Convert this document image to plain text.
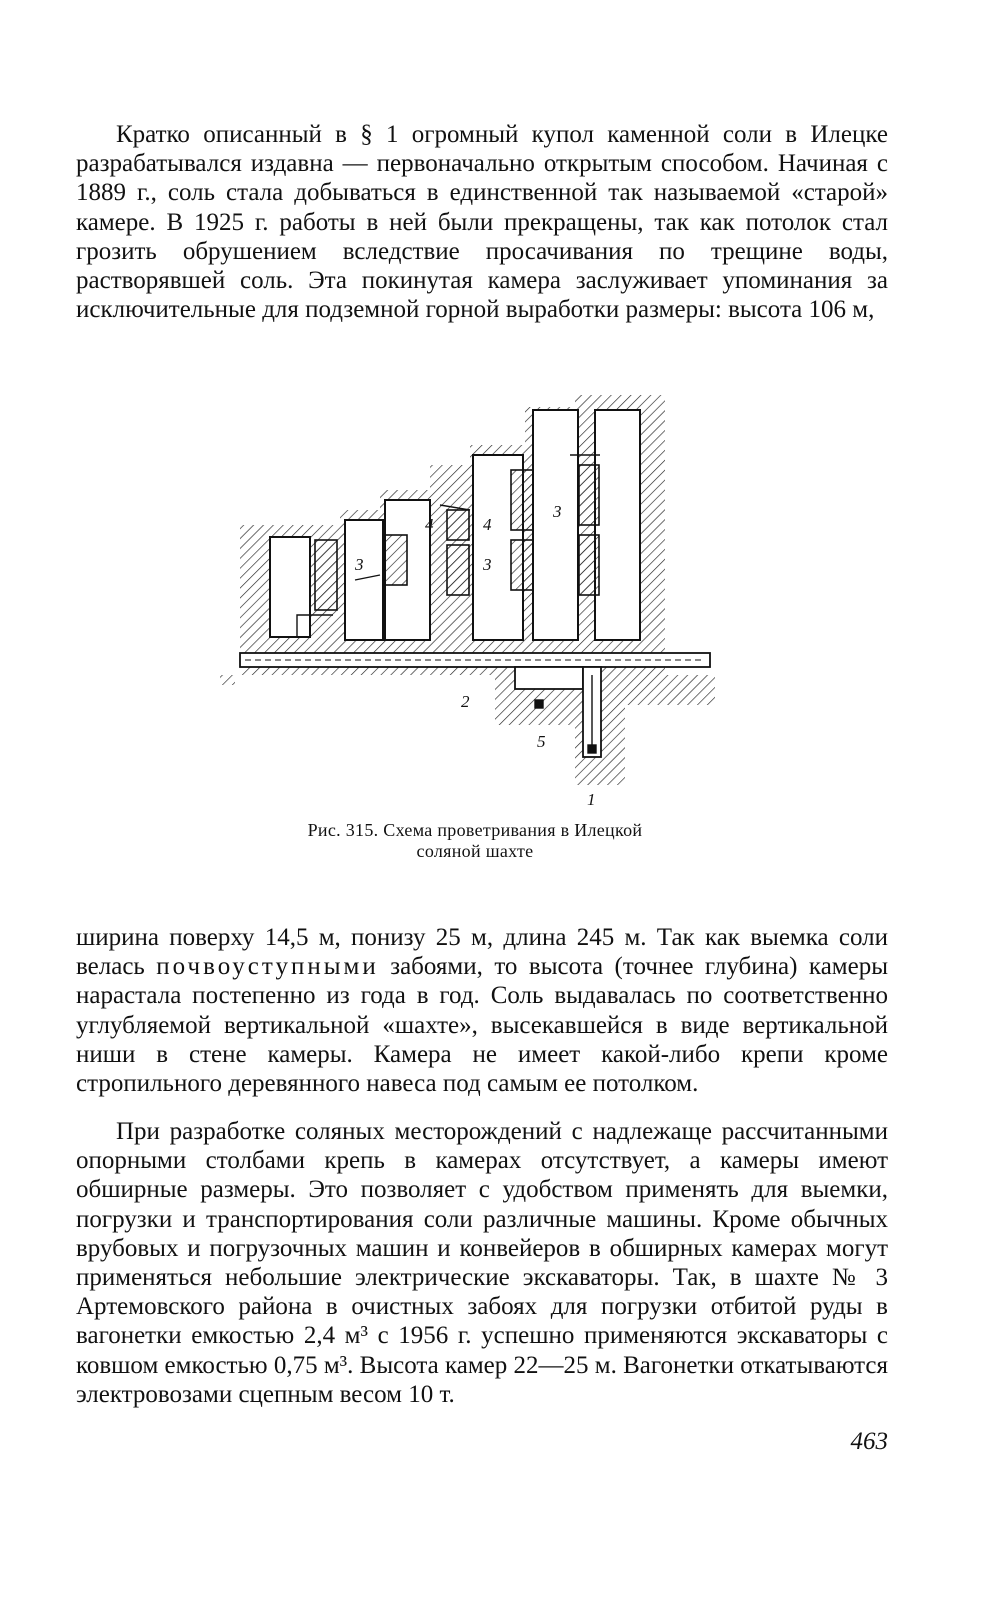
Кратко описанный в § 1 огромный купол каменной соли в Илецке разрабатывался издавна — первоначально открытым способом. Начиная с 1889 г., соль стала добываться в единственной так называемой «старой» камере. В 1925 г. работы в ней были прекращены, так как потолок стал грозить обрушением вследствие просачивания по трещине воды, растворявшей соль. Эта покинутая камера заслуживает упоминания за исключительные для подземной горной выработки размеры: высота 106 м,

3
4	4
3
3
2
5
1
Рис. 315. Схема проветривания в Илецкой
соляной шахте

ширина поверху 14,5 м, понизу 25 м, длина 245 м. Так как выемка соли велась почвоуступными забоями, то высота (точнее глубина) камеры нарастала постепенно из года в год. Соль выдавалась по соответственно углубляемой вертикальной «шахте», высекавшейся в виде вертикальной ниши в стене камеры. Камера не имеет какой-либо крепи кроме стропильного деревянного навеса под самым ее потолком.

При разработке соляных месторождений с надлежаще рассчитанными опорными столбами крепь в камерах отсутствует, а камеры имеют обширные размеры. Это позволяет с удобством применять для выемки, погрузки и транспортирования соли различные машины. Кроме обычных врубовых и погрузочных машин и конвейеров в обширных камерах могут применяться небольшие электрические экскаваторы. Так, в шахте № 3 Артемовского района в очистных забоях для погрузки отбитой руды в вагонетки емкостью 2,4 м³ с 1956 г. успешно применяются экскаваторы с ковшом емкостью 0,75 м³. Высота камер 22—25 м. Вагонетки откатываются электровозами сцепным весом 10 т.

463
